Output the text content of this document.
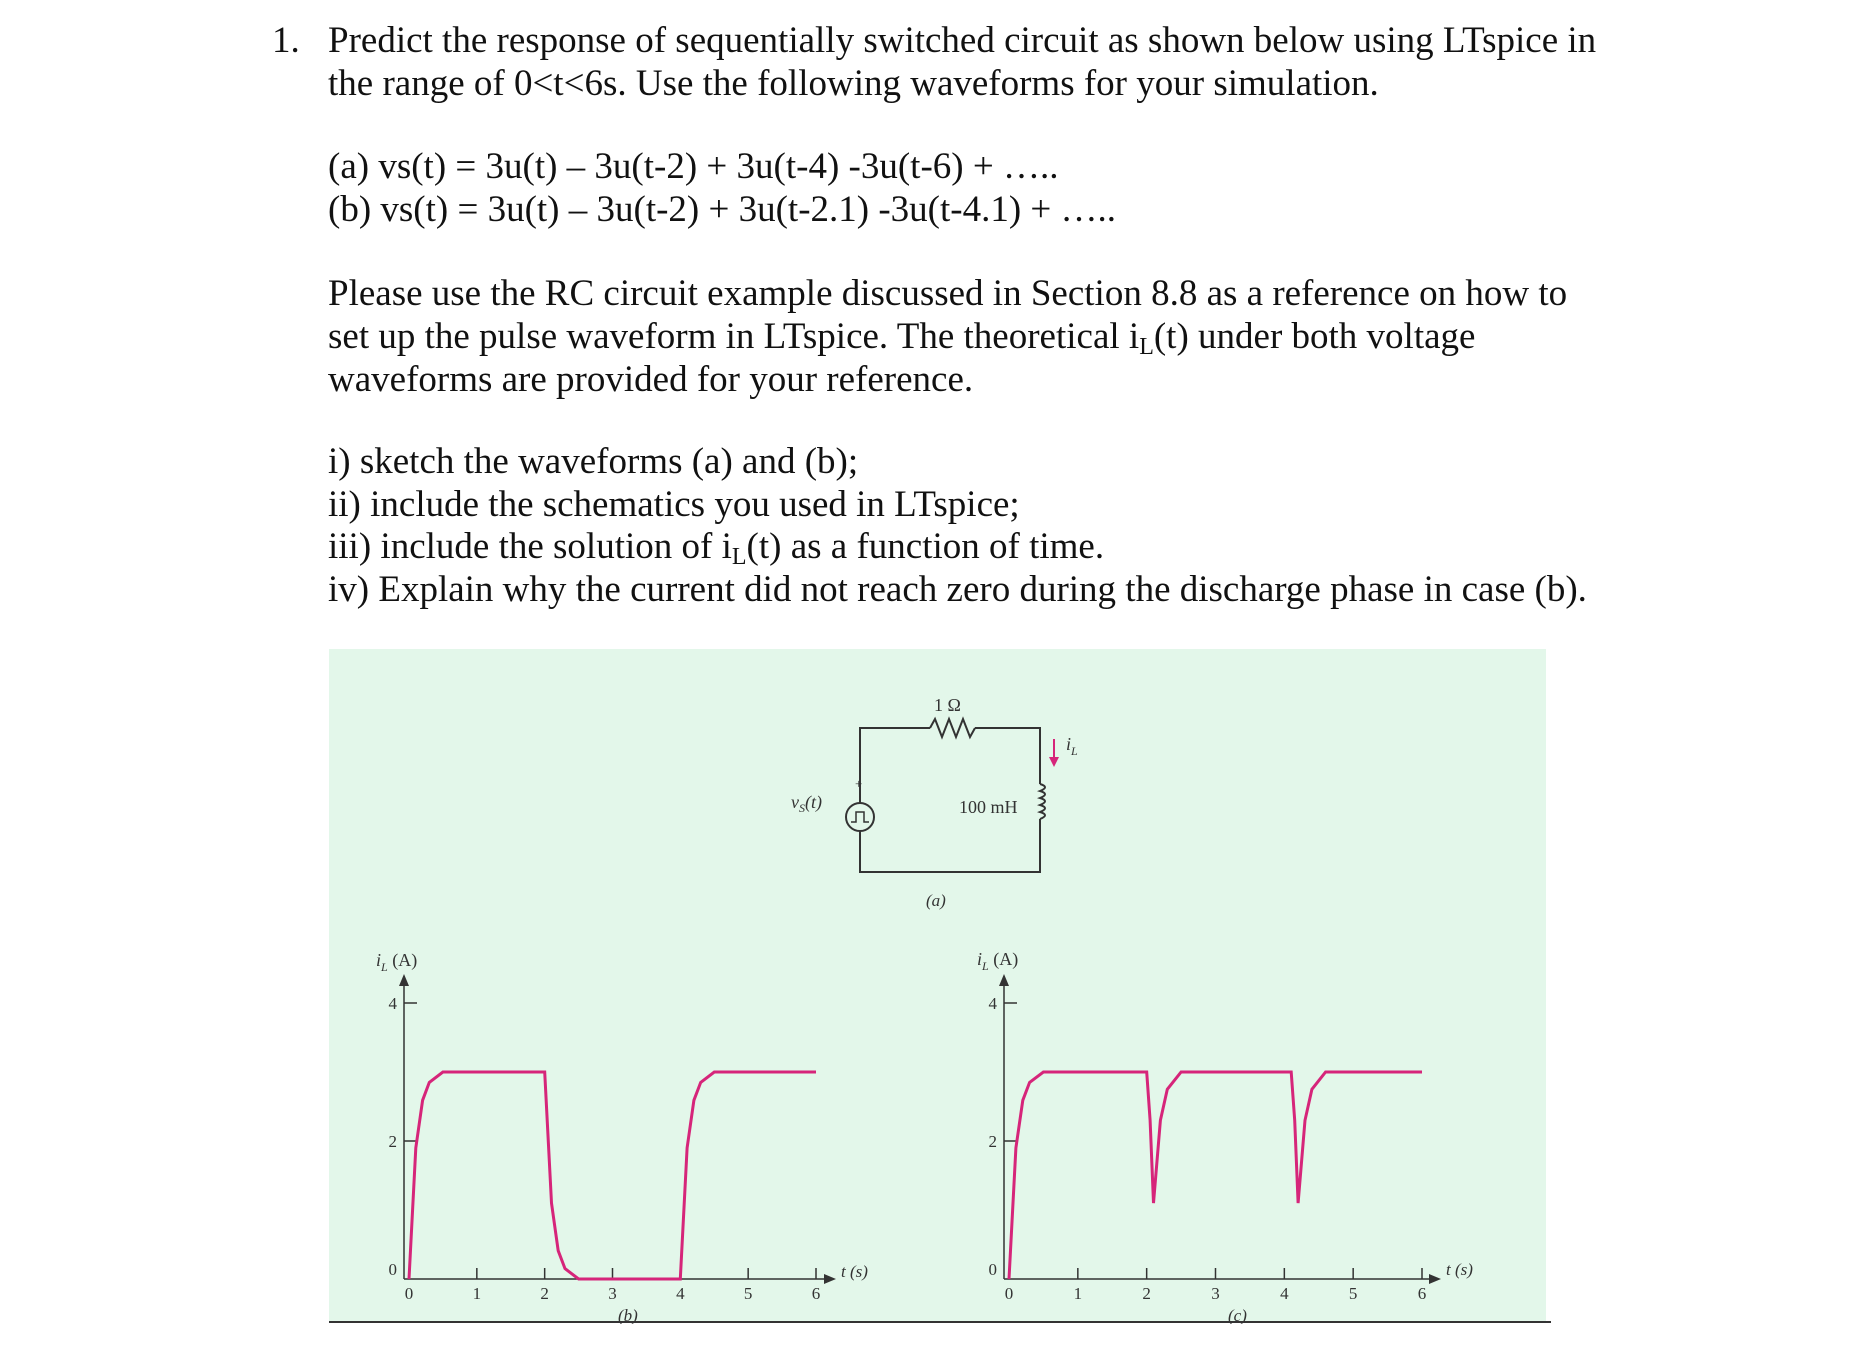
1. Predict the response of sequentially switched circuit as shown below using LTspice in
the range of 0<t<6s. Use the following waveforms for your simulation.
(a) vs(t) = 3u(t) – 3u(t-2) + 3u(t-4) -3u(t-6) + …..
(b) vs(t) = 3u(t) – 3u(t-2) + 3u(t-2.1) -3u(t-4.1) + …..
Please use the RC circuit example discussed in Section 8.8 as a reference on how to
set up the pulse waveform in LTspice. The theoretical $i_L(t)$ under both voltage
waveforms are provided for your reference.
i) sketch the waveforms (a) and (b);
ii) include the schematics you used in LTspice;
iii) include the solution of $i_L(t)$ as a function of time.
iv) Explain why the current did not reach zero during the discharge phase in case (b).
+
1 Ω
100 mH
$i_L$
$v_S(t)$
(a)
0	1	2	3	4	5	6
0
2
4
$i_L$ (A)
t (s)
(b)
0	1	2	3	4	5	6
0
2
4
$i_L$ (A)
t (s)
(c)
